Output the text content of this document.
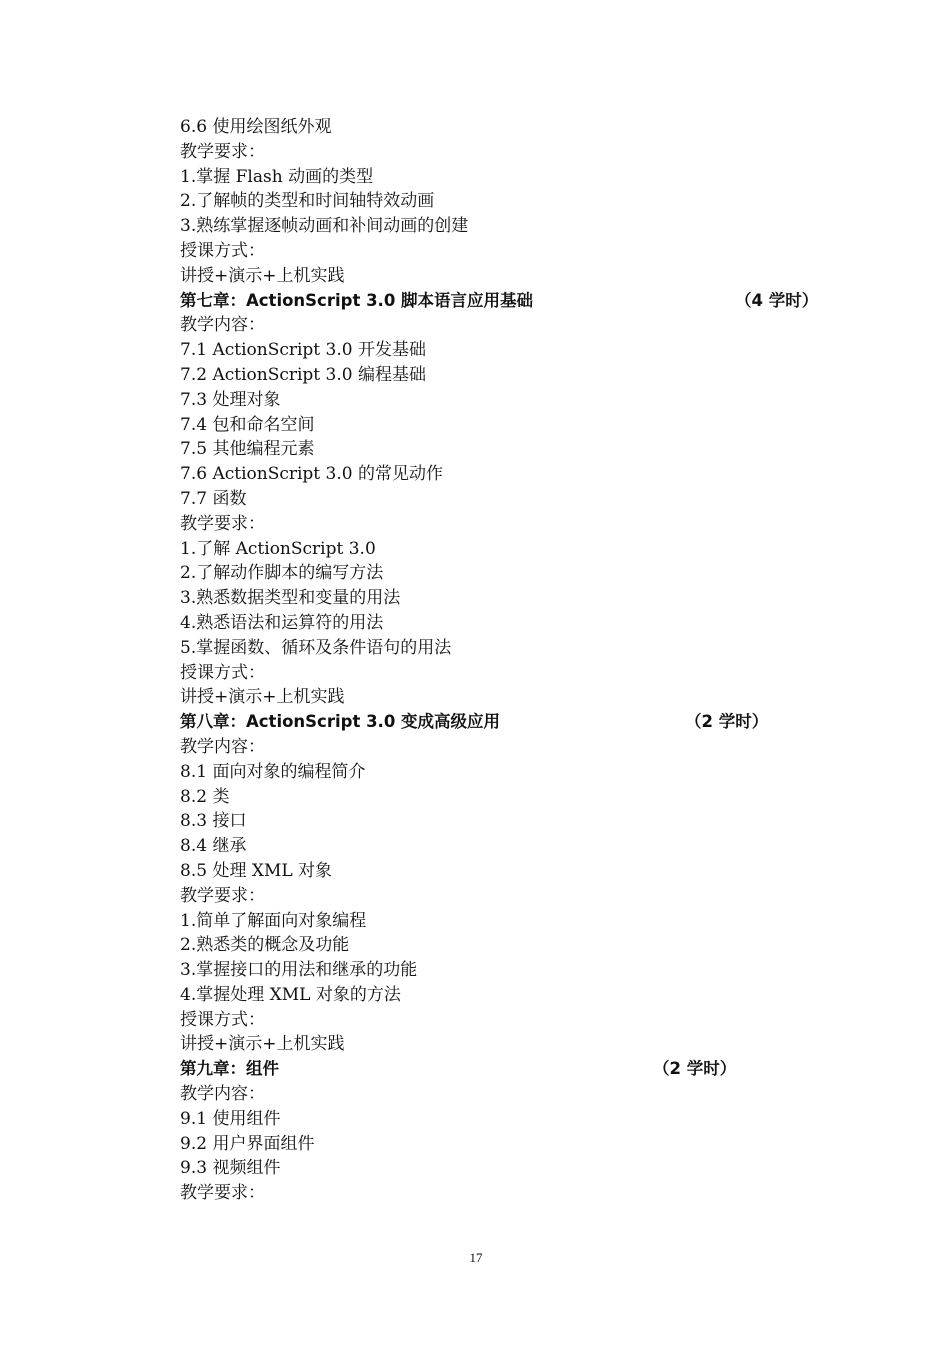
6.6 使用绘图纸外观
教学要求：
1.掌握 Flash 动画的类型
2.了解帧的类型和时间轴特效动画
3.熟练掌握逐帧动画和补间动画的创建
授课方式：
讲授+演示+上机实践
第七章：ActionScript 3.0 脚本语言应用基础	（4 学时）
教学内容：
7.1 ActionScript 3.0 开发基础
7.2 ActionScript 3.0 编程基础
7.3 处理对象
7.4 包和命名空间
7.5 其他编程元素
7.6 ActionScript 3.0 的常见动作
7.7 函数
教学要求：
1.了解 ActionScript 3.0
2.了解动作脚本的编写方法
3.熟悉数据类型和变量的用法
4.熟悉语法和运算符的用法
5.掌握函数、循环及条件语句的用法
授课方式：
讲授+演示+上机实践
第八章：ActionScript 3.0 变成高级应用	（2 学时）
教学内容：
8.1 面向对象的编程简介
8.2 类
8.3 接口
8.4 继承
8.5 处理 XML 对象
教学要求：
1.简单了解面向对象编程
2.熟悉类的概念及功能
3.掌握接口的用法和继承的功能
4.掌握处理 XML 对象的方法
授课方式：
讲授+演示+上机实践
第九章：组件	（2 学时）
教学内容：
9.1 使用组件
9.2 用户界面组件
9.3 视频组件
教学要求：
17
